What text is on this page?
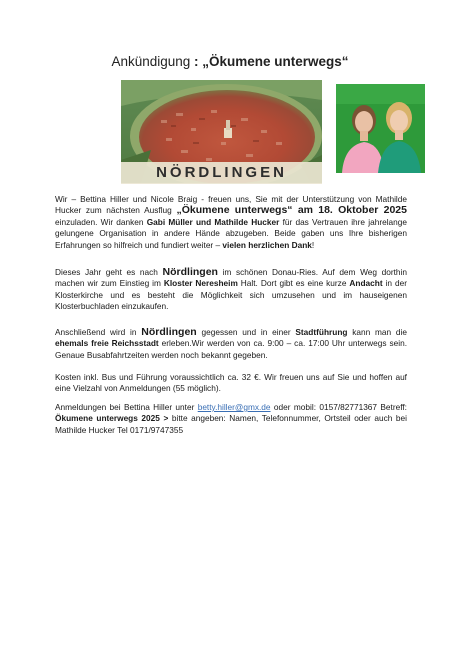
Ankündigung : „Ökumene unterwegs“
NÖRDLINGEN
Wir – Bettina Hiller und Nicole Braig - freuen uns, Sie mit der Unterstützung von Mathilde Hucker zum nächsten Ausflug „Ökumene unterwegs“ am 18. Oktober 2025 einzuladen. Wir danken Gabi Müller und Mathilde Hucker für das Vertrauen ihre jahrelange gelungene Organisation in andere Hände abzugeben. Beide gaben uns Ihre bisherigen Erfahrungen so hilfreich und fundiert weiter – vielen herzlichen Dank!
Dieses Jahr geht es nach Nördlingen im schönen Donau-Ries. Auf dem Weg dorthin machen wir zum Einstieg im Kloster Neresheim Halt. Dort gibt es eine kurze Andacht in der Klosterkirche und es besteht die Möglichkeit sich umzusehen und im hauseigenen Klosterbuchladen einzukaufen.
Anschließend wird in Nördlingen gegessen und in einer Stadtführung kann man die ehemals freie Reichsstadt erleben.Wir werden von ca. 9:00 – ca. 17:00 Uhr unterwegs sein. Genaue Busabfahrtzeiten werden noch bekannt gegeben.
Kosten inkl. Bus und Führung voraussichtlich ca. 32 €. Wir freuen uns auf Sie und hoffen auf eine Vielzahl von Anmeldungen (55 möglich).
Anmeldungen bei Bettina Hiller unter betty.hiller@gmx.de oder mobil: 0157/82771367 Betreff: Ökumene unterwegs 2025 > bitte angeben: Namen, Telefonnummer, Ortsteil oder auch bei Mathilde Hucker Tel 0171/9747355
